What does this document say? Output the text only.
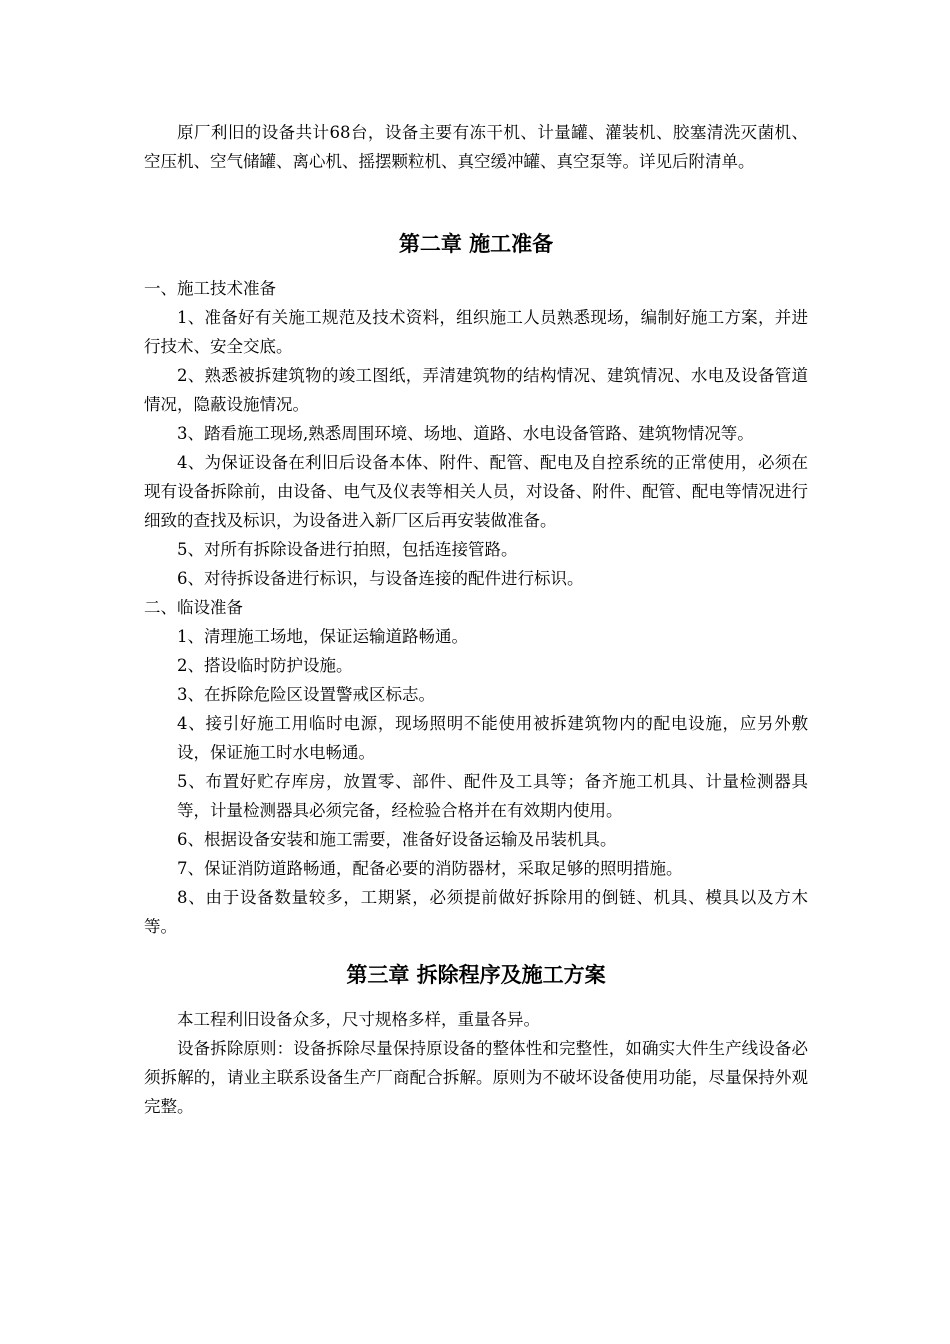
原厂利旧的设备共计68台，设备主要有冻干机、计量罐、灌装机、胶塞清洗灭菌机、空压机、空气储罐、离心机、摇摆颗粒机、真空缓冲罐、真空泵等。详见后附清单。

第二章 施工准备

一、施工技术准备

1、准备好有关施工规范及技术资料，组织施工人员熟悉现场，编制好施工方案，并进行技术、安全交底。

2、熟悉被拆建筑物的竣工图纸，弄清建筑物的结构情况、建筑情况、水电及设备管道情况，隐蔽设施情况。

3、踏看施工现场,熟悉周围环境、场地、道路、水电设备管路、建筑物情况等。

4、为保证设备在利旧后设备本体、附件、配管、配电及自控系统的正常使用，必须在现有设备拆除前，由设备、电气及仪表等相关人员，对设备、附件、配管、配电等情况进行细致的查找及标识，为设备进入新厂区后再安装做准备。

5、对所有拆除设备进行拍照，包括连接管路。

6、对待拆设备进行标识，与设备连接的配件进行标识。

二、临设准备

1、清理施工场地，保证运输道路畅通。

2、搭设临时防护设施。

3、在拆除危险区设置警戒区标志。

4、接引好施工用临时电源，现场照明不能使用被拆建筑物内的配电设施，应另外敷设，保证施工时水电畅通。

5、布置好贮存库房，放置零、部件、配件及工具等；备齐施工机具、计量检测器具等，计量检测器具必须完备，经检验合格并在有效期内使用。

6、根据设备安装和施工需要，准备好设备运输及吊装机具。

7、保证消防道路畅通，配备必要的消防器材，采取足够的照明措施。

8、由于设备数量较多，工期紧，必须提前做好拆除用的倒链、机具、模具以及方木等。

第三章 拆除程序及施工方案

本工程利旧设备众多，尺寸规格多样，重量各异。

设备拆除原则：设备拆除尽量保持原设备的整体性和完整性，如确实大件生产线设备必须拆解的，请业主联系设备生产厂商配合拆解。原则为不破坏设备使用功能，尽量保持外观完整。
